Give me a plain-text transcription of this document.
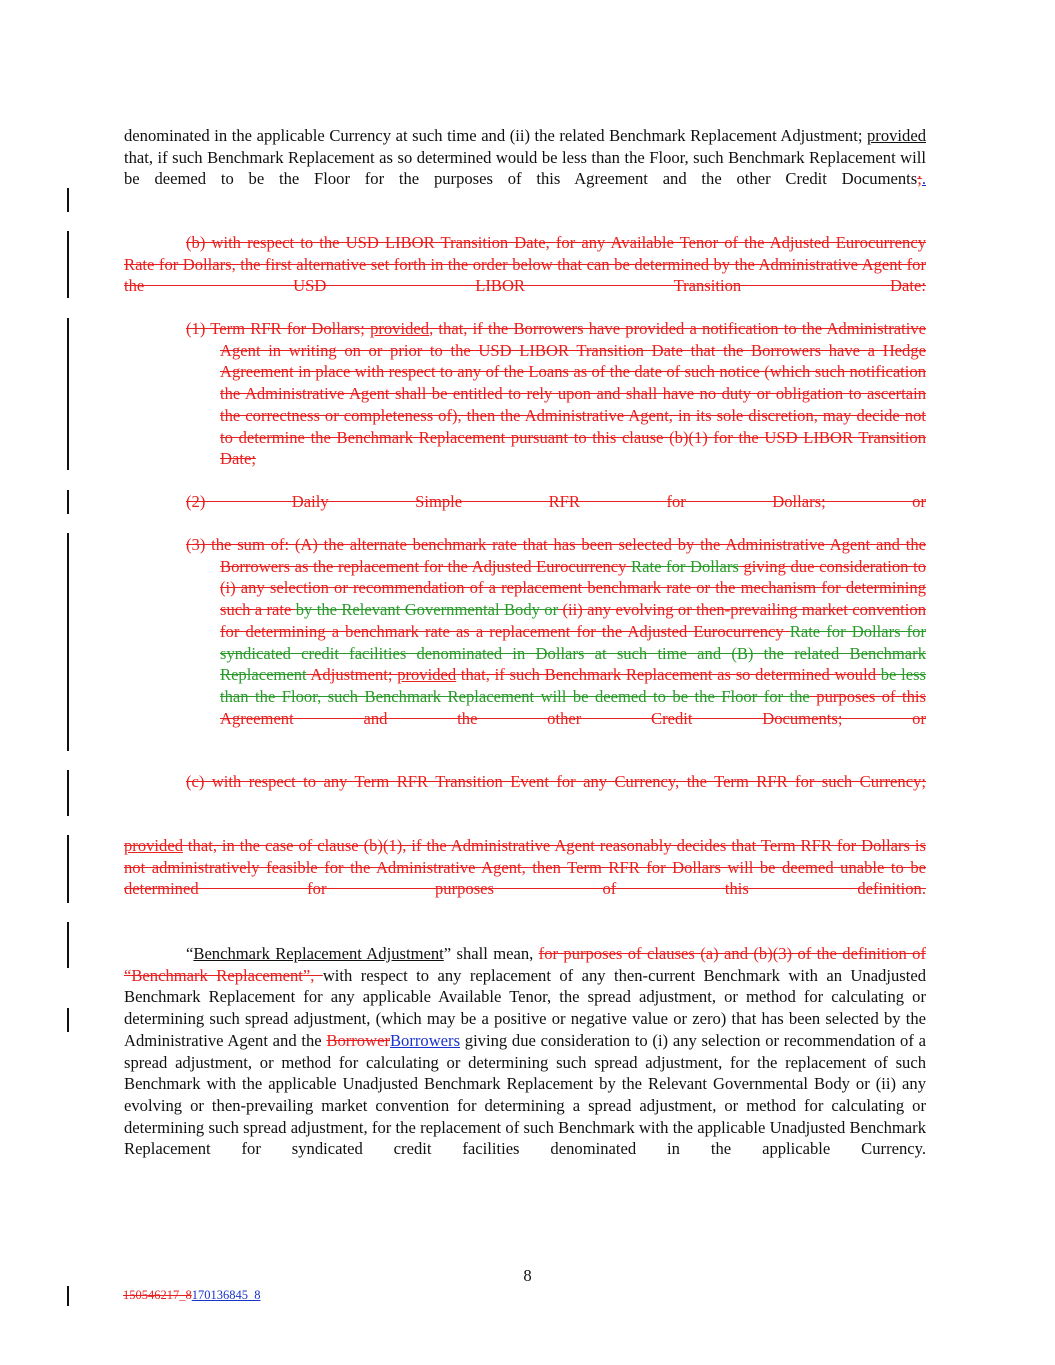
denominated in the applicable Currency at such time and (ii) the related Benchmark Replacement Adjustment; provided that, if such Benchmark Replacement as so determined would be less than the Floor, such Benchmark Replacement will be deemed to be the Floor for the purposes of this Agreement and the other Credit Documents;.

(b) with respect to the USD LIBOR Transition Date, for any Available Tenor of the Adjusted Eurocurrency Rate for Dollars, the first alternative set forth in the order below that can be determined by the Administrative Agent for the USD LIBOR Transition Date:

(1) Term RFR for Dollars; provided, that, if the Borrowers have provided a notification to the Administrative Agent in writing on or prior to the USD LIBOR Transition Date that the Borrowers have a Hedge Agreement in place with respect to any of the Loans as of the date of such notice (which such notification the Administrative Agent shall be entitled to rely upon and shall have no duty or obligation to ascertain the correctness or completeness of), then the Administrative Agent, in its sole discretion, may decide not to determine the Benchmark Replacement pursuant to this clause (b)(1) for the USD LIBOR Transition Date;

(2) Daily Simple RFR for Dollars; or

(3) the sum of: (A) the alternate benchmark rate that has been selected by the Administrative Agent and the Borrowers as the replacement for the Adjusted Eurocurrency Rate for Dollars giving due consideration to (i) any selection or recommendation of a replacement benchmark rate or the mechanism for determining such a rate by the Relevant Governmental Body or (ii) any evolving or then-prevailing market convention for determining a benchmark rate as a replacement for the Adjusted Eurocurrency Rate for Dollars for syndicated credit facilities denominated in Dollars at such time and (B) the related Benchmark Replacement Adjustment; provided that, if such Benchmark Replacement as so determined would be less than the Floor, such Benchmark Replacement will be deemed to be the Floor for the purposes of this Agreement and the other Credit Documents; or

(c) with respect to any Term RFR Transition Event for any Currency, the Term RFR for such Currency;

provided that, in the case of clause (b)(1), if the Administrative Agent reasonably decides that Term RFR for Dollars is not administratively feasible for the Administrative Agent, then Term RFR for Dollars will be deemed unable to be determined for purposes of this definition.

“Benchmark Replacement Adjustment” shall mean, for purposes of clauses (a) and (b)(3) of the definition of “Benchmark Replacement”, with respect to any replacement of any then-current Benchmark with an Unadjusted Benchmark Replacement for any applicable Available Tenor, the spread adjustment, or method for calculating or determining such spread adjustment, (which may be a positive or negative value or zero) that has been selected by the Administrative Agent and the BorrowerBorrowers giving due consideration to (i) any selection or recommendation of a spread adjustment, or method for calculating or determining such spread adjustment, for the replacement of such Benchmark with the applicable Unadjusted Benchmark Replacement by the Relevant Governmental Body or (ii) any evolving or then-prevailing market convention for determining a spread adjustment, or method for calculating or determining such spread adjustment, for the replacement of such Benchmark with the applicable Unadjusted Benchmark Replacement for syndicated credit facilities denominated in the applicable Currency.

8
150546217_8170136845_8
